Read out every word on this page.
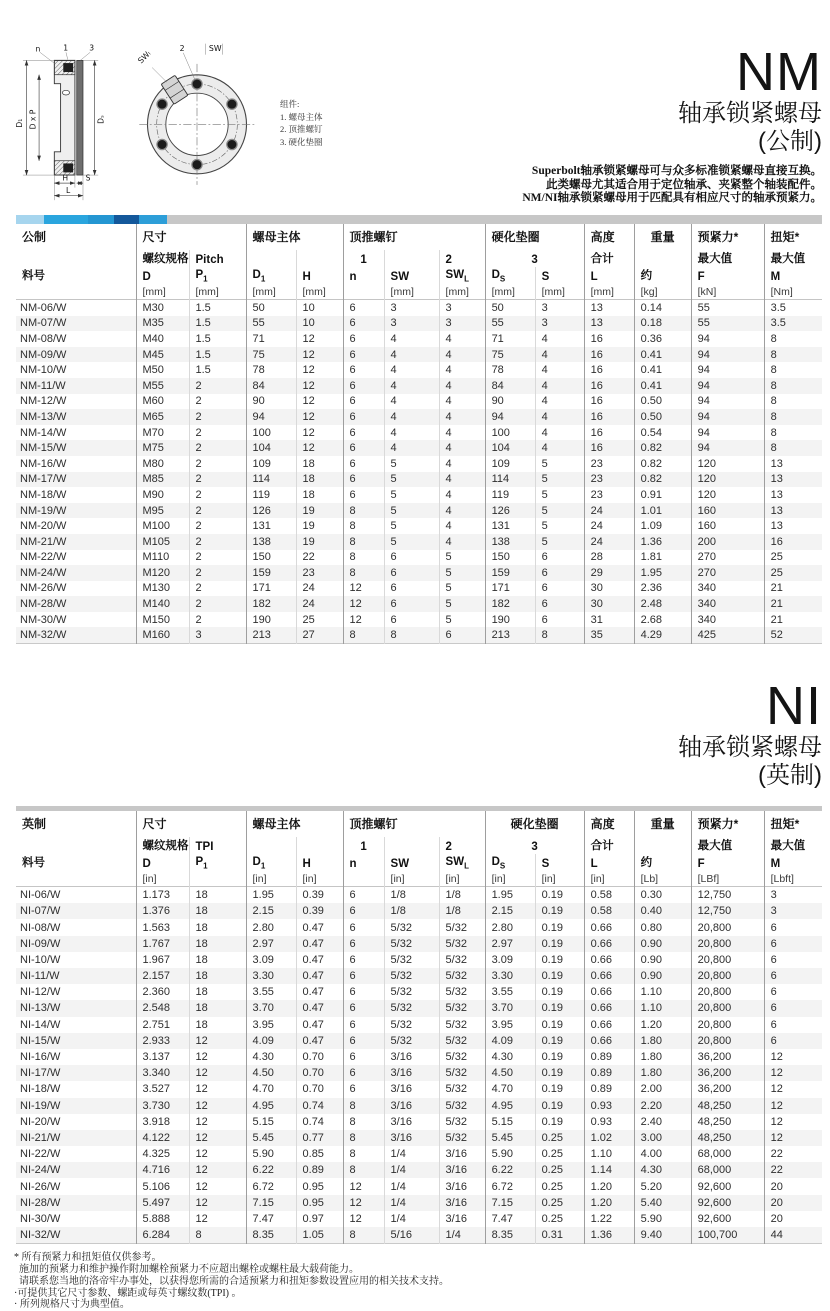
n	1 3
D₁ D x P	Dₛ
H S
L
SWₗ
2	SW
组件:
1. 螺母主体
2. 顶推螺钉
3. 硬化垫圈
NM
轴承锁紧螺母
(公制)
Superbolt轴承锁紧螺母可与众多标准锁紧螺母直接互换。
此类螺母尤其适合用于定位轴承、夹紧整个轴装配件。
NM/NI轴承锁紧螺母用于匹配具有相应尺寸的轴承预紧力。
公制	尺寸		螺母主体		顶推螺钉			硬化垫圈		高度	重量	预紧力*	扭矩*
	螺纹规格	Pitch			1		2	3		合计		最大值	最大值
料号	D	$P_1$	$D_1$	H	n	SW	$SW_L$	$D_S$	S	L	约	F	M
	[mm]	[mm]	[mm]	[mm]		[mm]	[mm]	[mm]	[mm]	[mm]	[kg]	[kN]	[Nm]
NM-06/W	M30	1.5	50	10	6	3	3	50	3	13	0.14	55	3.5
NM-07/W	M35	1.5	55	10	6	3	3	55	3	13	0.18	55	3.5
NM-08/W	M40	1.5	71	12	6	4	4	71	4	16	0.36	94	8
NM-09/W	M45	1.5	75	12	6	4	4	75	4	16	0.41	94	8
NM-10/W	M50	1.5	78	12	6	4	4	78	4	16	0.41	94	8
NM-11/W	M55	2	84	12	6	4	4	84	4	16	0.41	94	8
NM-12/W	M60	2	90	12	6	4	4	90	4	16	0.50	94	8
NM-13/W	M65	2	94	12	6	4	4	94	4	16	0.50	94	8
NM-14/W	M70	2	100	12	6	4	4	100	4	16	0.54	94	8
NM-15/W	M75	2	104	12	6	4	4	104	4	16	0.82	94	8
NM-16/W	M80	2	109	18	6	5	4	109	5	23	0.82	120	13
NM-17/W	M85	2	114	18	6	5	4	114	5	23	0.82	120	13
NM-18/W	M90	2	119	18	6	5	4	119	5	23	0.91	120	13
NM-19/W	M95	2	126	19	8	5	4	126	5	24	1.01	160	13
NM-20/W	M100	2	131	19	8	5	4	131	5	24	1.09	160	13
NM-21/W	M105	2	138	19	8	5	4	138	5	24	1.36	200	16
NM-22/W	M110	2	150	22	8	6	5	150	6	28	1.81	270	25
NM-24/W	M120	2	159	23	8	6	5	159	6	29	1.95	270	25
NM-26/W	M130	2	171	24	12	6	5	171	6	30	2.36	340	21
NM-28/W	M140	2	182	24	12	6	5	182	6	30	2.48	340	21
NM-30/W	M150	2	190	25	12	6	5	190	6	31	2.68	340	21
NM-32/W	M160	3	213	27	8	8	6	213	8	35	4.29	425	52
NI
轴承锁紧螺母
(英制)
英制	尺寸		螺母主体		顶推螺钉			硬化垫圈		高度	重量	预紧力*	扭矩*
	螺纹规格	TPI			1		2	3		合计		最大值	最大值
料号	D	$P_1$	$D_1$	H	n	SW	$SW_L$	$D_S$	S	L	约	F	M
	[in]		[in]	[in]		[in]	[in]	[in]	[in]	[in]	[Lb]	[LBf]	[Lbft]
NI-06/W	1.173	18	1.95	0.39	6	1/8	1/8	1.95	0.19	0.58	0.30	12,750	3
NI-07/W	1.376	18	2.15	0.39	6	1/8	1/8	2.15	0.19	0.58	0.40	12,750	3
NI-08/W	1.563	18	2.80	0.47	6	5/32	5/32	2.80	0.19	0.66	0.80	20,800	6
NI-09/W	1.767	18	2.97	0.47	6	5/32	5/32	2.97	0.19	0.66	0.90	20,800	6
NI-10/W	1.967	18	3.09	0.47	6	5/32	5/32	3.09	0.19	0.66	0.90	20,800	6
NI-11/W	2.157	18	3.30	0.47	6	5/32	5/32	3.30	0.19	0.66	0.90	20,800	6
NI-12/W	2.360	18	3.55	0.47	6	5/32	5/32	3.55	0.19	0.66	1.10	20,800	6
NI-13/W	2.548	18	3.70	0.47	6	5/32	5/32	3.70	0.19	0.66	1.10	20,800	6
NI-14/W	2.751	18	3.95	0.47	6	5/32	5/32	3.95	0.19	0.66	1.20	20,800	6
NI-15/W	2.933	12	4.09	0.47	6	5/32	5/32	4.09	0.19	0.66	1.80	20,800	6
NI-16/W	3.137	12	4.30	0.70	6	3/16	5/32	4.30	0.19	0.89	1.80	36,200	12
NI-17/W	3.340	12	4.50	0.70	6	3/16	5/32	4.50	0.19	0.89	1.80	36,200	12
NI-18/W	3.527	12	4.70	0.70	6	3/16	5/32	4.70	0.19	0.89	2.00	36,200	12
NI-19/W	3.730	12	4.95	0.74	8	3/16	5/32	4.95	0.19	0.93	2.20	48,250	12
NI-20/W	3.918	12	5.15	0.74	8	3/16	5/32	5.15	0.19	0.93	2.40	48,250	12
NI-21/W	4.122	12	5.45	0.77	8	3/16	5/32	5.45	0.25	1.02	3.00	48,250	12
NI-22/W	4.325	12	5.90	0.85	8	1/4	3/16	5.90	0.25	1.10	4.00	68,000	22
NI-24/W	4.716	12	6.22	0.89	8	1/4	3/16	6.22	0.25	1.14	4.30	68,000	22
NI-26/W	5.106	12	6.72	0.95	12	1/4	3/16	6.72	0.25	1.20	5.20	92,600	20
NI-28/W	5.497	12	7.15	0.95	12	1/4	3/16	7.15	0.25	1.20	5.40	92,600	20
NI-30/W	5.888	12	7.47	0.97	12	1/4	3/16	7.47	0.25	1.22	5.90	92,600	20
NI-32/W	6.284	8	8.35	1.05	8	5/16	1/4	8.35	0.31	1.36	9.40	100,700	44
* 所有预紧力和扭矩值仅供参考。
施加的预紧力和维护操作附加螺栓预紧力不应超出螺栓或螺柱最大载荷能力。
请联系您当地的洛帝牢办事处，以获得您所需的合适预紧力和扭矩参数设置应用的相关技术支持。
·可提供其它尺寸参数、螺距或每英寸螺纹数(TPI) 。
· 所列规格尺寸为典型值。
